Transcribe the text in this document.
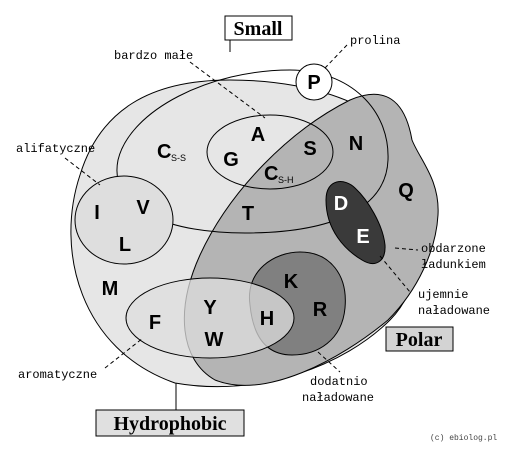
Small
Polar
Hydrophobic
prolina
bardzo małe
alifatyczne
aromatyczne
obdarzone
ładunkiem
ujemnie
naładowane
dodatnio
naładowane
P
A
G	S N
C S-S
C S-H
T
Q
D
E
I V
L
M	K
R
H
F
Y
W
(c) ebiolog.pl
